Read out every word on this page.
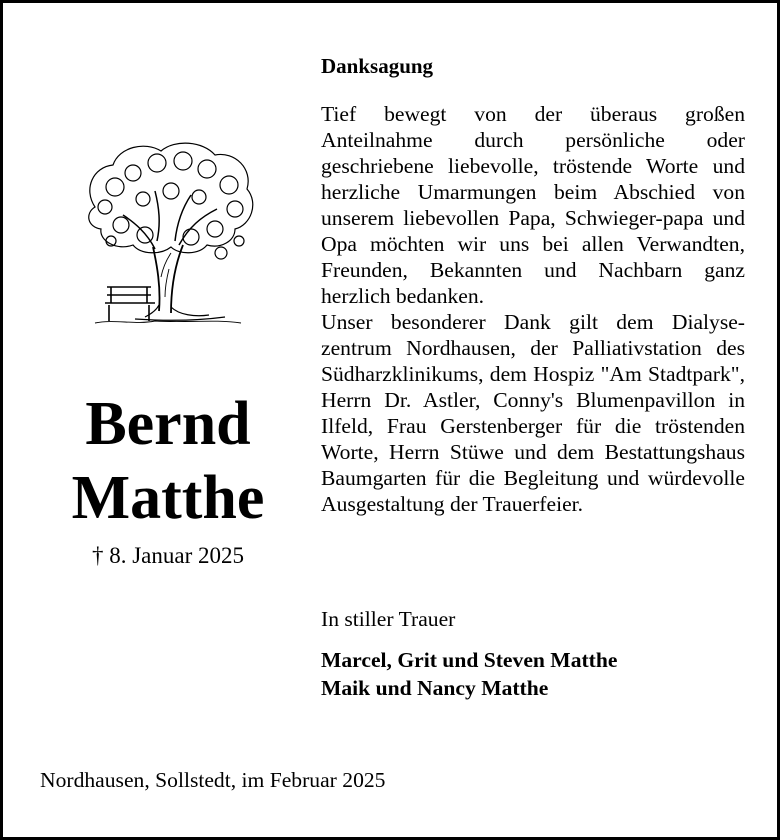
Bernd
Matthe
† 8. Januar 2025
Danksagung

Tief bewegt von der überaus großen Anteilnahme durch persönliche oder geschriebene liebevolle, tröstende Worte und herzliche Umarmungen beim Abschied von unserem liebevollen Papa, Schwieger-papa und Opa möchten wir uns bei allen Verwandten, Freunden, Bekannten und Nachbarn ganz herzlich bedanken.

Unser besonderer Dank gilt dem Dialyse-zentrum Nordhausen, der Palliativstation des Südharzklinikums, dem Hospiz "Am Stadtpark", Herrn Dr. Astler, Conny's Blumenpavillon in Ilfeld, Frau Gerstenberger für die tröstenden Worte, Herrn Stüwe und dem Bestattungshaus Baumgarten für die Begleitung und würdevolle Ausgestaltung der Trauerfeier.

In stiller Trauer
Marcel, Grit und Steven Matthe
Maik und Nancy Matthe
Nordhausen, Sollstedt, im Februar 2025
